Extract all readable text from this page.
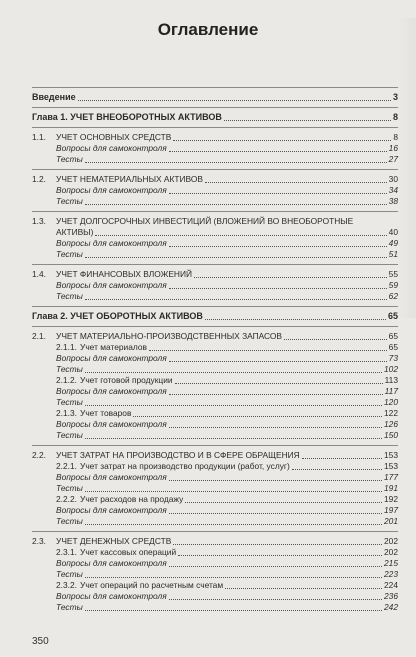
Оглавление
Введение	3
Глава 1. УЧЕТ ВНЕОБОРОТНЫХ АКТИВОВ	8
1.1.	УЧЕТ ОСНОВНЫХ СРЕДСТВ	8
Вопросы для самоконтроля	16
Тесты	27
1.2.	УЧЕТ НЕМАТЕРИАЛЬНЫХ АКТИВОВ	30
Вопросы для самоконтроля	34
Тесты	38
1.3.	УЧЕТ ДОЛГОСРОЧНЫХ ИНВЕСТИЦИЙ (ВЛОЖЕНИЙ ВО ВНЕОБОРОТНЫЕ
АКТИВЫ)	40
Вопросы для самоконтроля	49
Тесты	51
1.4.	УЧЕТ ФИНАНСОВЫХ ВЛОЖЕНИЙ	55
Вопросы для самоконтроля	59
Тесты	62
Глава 2. УЧЕТ ОБОРОТНЫХ АКТИВОВ	65
2.1.	УЧЕТ МАТЕРИАЛЬНО-ПРОИЗВОДСТВЕННЫХ ЗАПАСОВ	65
2.1.1. Учет материалов	65
Вопросы для самоконтроля	73
Тесты	102
2.1.2. Учет готовой продукции	113
Вопросы для самоконтроля	117
Тесты	120
2.1.3. Учет товаров	122
Вопросы для самоконтроля	126
Тесты	150
2.2.	УЧЕТ ЗАТРАТ НА ПРОИЗВОДСТВО И В СФЕРЕ ОБРАЩЕНИЯ	153
2.2.1. Учет затрат на производство продукции (работ, услуг)	153
Вопросы для самоконтроля	177
Тесты	191
2.2.2. Учет расходов на продажу	192
Вопросы для самоконтроля	197
Тесты	201
2.3.	УЧЕТ ДЕНЕЖНЫХ СРЕДСТВ	202
2.3.1. Учет кассовых операций	202
Вопросы для самоконтроля	215
Тесты	223
2.3.2. Учет операций по расчетным счетам	224
Вопросы для самоконтроля	236
Тесты	242
350
